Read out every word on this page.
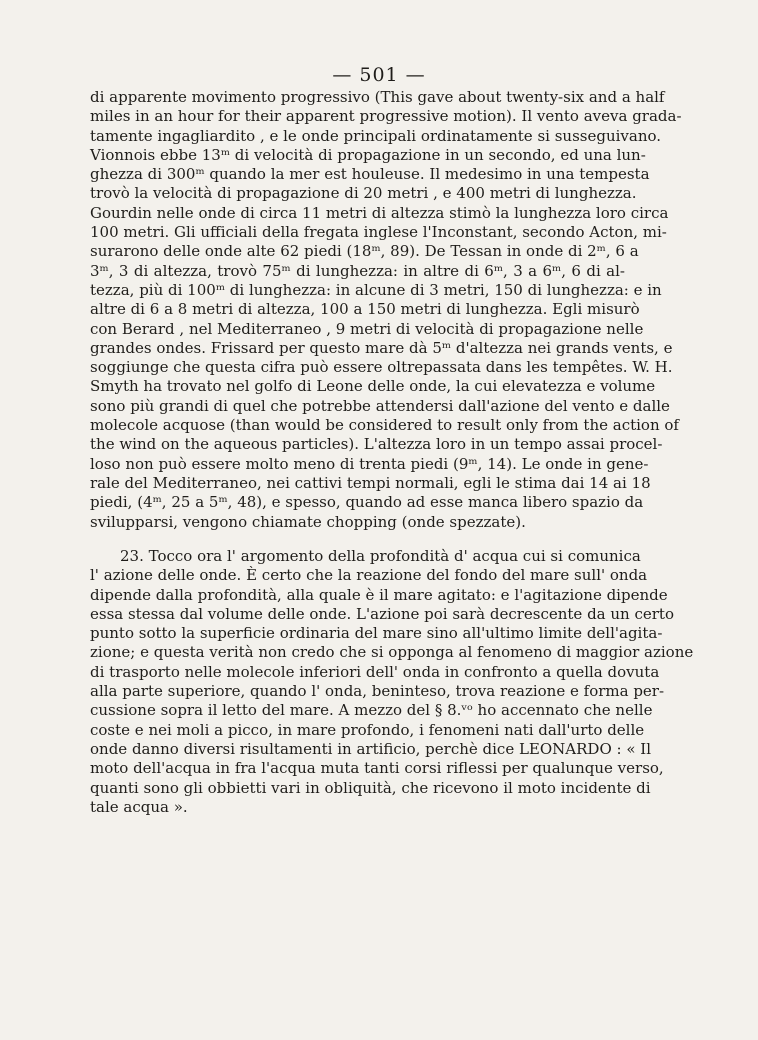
— 501 —
di apparente movimento progressivo (This gave about twenty-six and a half
miles in an hour for their apparent progressive motion). Il vento aveva grada-
tamente ingagliardito , e le onde principali ordinatamente si susseguivano.
Vionnois ebbe 13ᵐ di velocità di propagazione in un secondo, ed una lun-
ghezza di 300ᵐ quando la mer est houleuse. Il medesimo in una tempesta
trovò la velocità di propagazione di 20 metri , e 400 metri di lunghezza.
Gourdin nelle onde di circa 11 metri di altezza stimò la lunghezza loro circa
100 metri. Gli ufficiali della fregata inglese l'Inconstant, secondo Acton, mi-
surarono delle onde alte 62 piedi (18ᵐ, 89). De Tessan in onde di 2ᵐ, 6 a
3ᵐ, 3 di altezza, trovò 75ᵐ di lunghezza: in altre di 6ᵐ, 3 a 6ᵐ, 6 di al-
tezza, più di 100ᵐ di lunghezza: in alcune di 3 metri, 150 di lunghezza: e in
altre di 6 a 8 metri di altezza, 100 a 150 metri di lunghezza. Egli misurò
con Berard , nel Mediterraneo , 9 metri di velocità di propagazione nelle
grandes ondes. Frissard per questo mare dà 5ᵐ d'altezza nei grands vents, e
soggiunge che questa cifra può essere oltrepassata dans les tempêtes. W. H.
Smyth ha trovato nel golfo di Leone delle onde, la cui elevatezza e volume
sono più grandi di quel che potrebbe attendersi dall'azione del vento e dalle
molecole acquose (than would be considered to result only from the action of
the wind on the aqueous particles). L'altezza loro in un tempo assai procel-
loso non può essere molto meno di trenta piedi (9ᵐ, 14). Le onde in gene-
rale del Mediterraneo, nei cattivi tempi normali, egli le stima dai 14 ai 18
piedi, (4ᵐ, 25 a 5ᵐ, 48), e spesso, quando ad esse manca libero spazio da
svilupparsi, vengono chiamate chopping (onde spezzate).
23. Tocco ora l' argomento della profondità d' acqua cui si comunica
l' azione delle onde. È certo che la reazione del fondo del mare sull' onda
dipende dalla profondità, alla quale è il mare agitato: e l'agitazione dipende
essa stessa dal volume delle onde. L'azione poi sarà decrescente da un certo
punto sotto la superficie ordinaria del mare sino all'ultimo limite dell'agita-
zione; e questa verità non credo che si opponga al fenomeno di maggior azione
di trasporto nelle molecole inferiori dell' onda in confronto a quella dovuta
alla parte superiore, quando l' onda, beninteso, trova reazione e forma per-
cussione sopra il letto del mare. A mezzo del § 8.ᵛᵒ ho accennato che nelle
coste e nei moli a picco, in mare profondo, i fenomeni nati dall'urto delle
onde danno diversi risultamenti in artificio, perchè dice LEONARDO : « Il
moto dell'acqua in fra l'acqua muta tanti corsi riflessi per qualunque verso,
quanti sono gli obbietti vari in obliquità, che ricevono il moto incidente di
tale acqua ».
